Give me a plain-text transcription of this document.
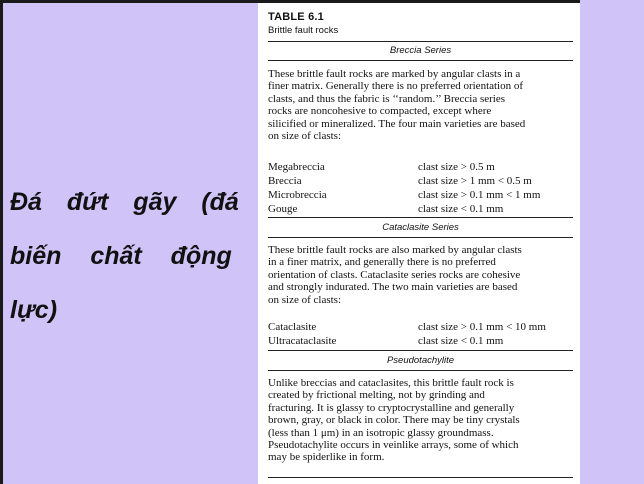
Đá đứt gãy (đá
biến chất động
lực)
TABLE 6.1
Brittle fault rocks
Breccia Series
These brittle fault rocks are marked by angular clasts in a
finer matrix. Generally there is no preferred orientation of
clasts, and thus the fabric is ‘‘random.’’ Breccia series
rocks are noncohesive to compacted, except where
silicified or mineralized. The four main varieties are based
on size of clasts:
Megabreccia	clast size > 0.5 m
Breccia	clast size > 1 mm < 0.5 m
Microbreccia	clast size > 0.1 mm < 1 mm
Gouge	clast size < 0.1 mm
Cataclasite Series
These brittle fault rocks are also marked by angular clasts
in a finer matrix, and generally there is no preferred
orientation of clasts. Cataclasite series rocks are cohesive
and strongly indurated. The two main varieties are based
on size of clasts:
Cataclasite	clast size > 0.1 mm < 10 mm
Ultracataclasite	clast size < 0.1 mm
Pseudotachylite
Unlike breccias and cataclasites, this brittle fault rock is
created by frictional melting, not by grinding and
fracturing. It is glassy to cryptocrystalline and generally
brown, gray, or black in color. There may be tiny crystals
(less than 1 μm) in an isotropic glassy groundmass.
Pseudotachylite occurs in veinlike arrays, some of which
may be spiderlike in form.
